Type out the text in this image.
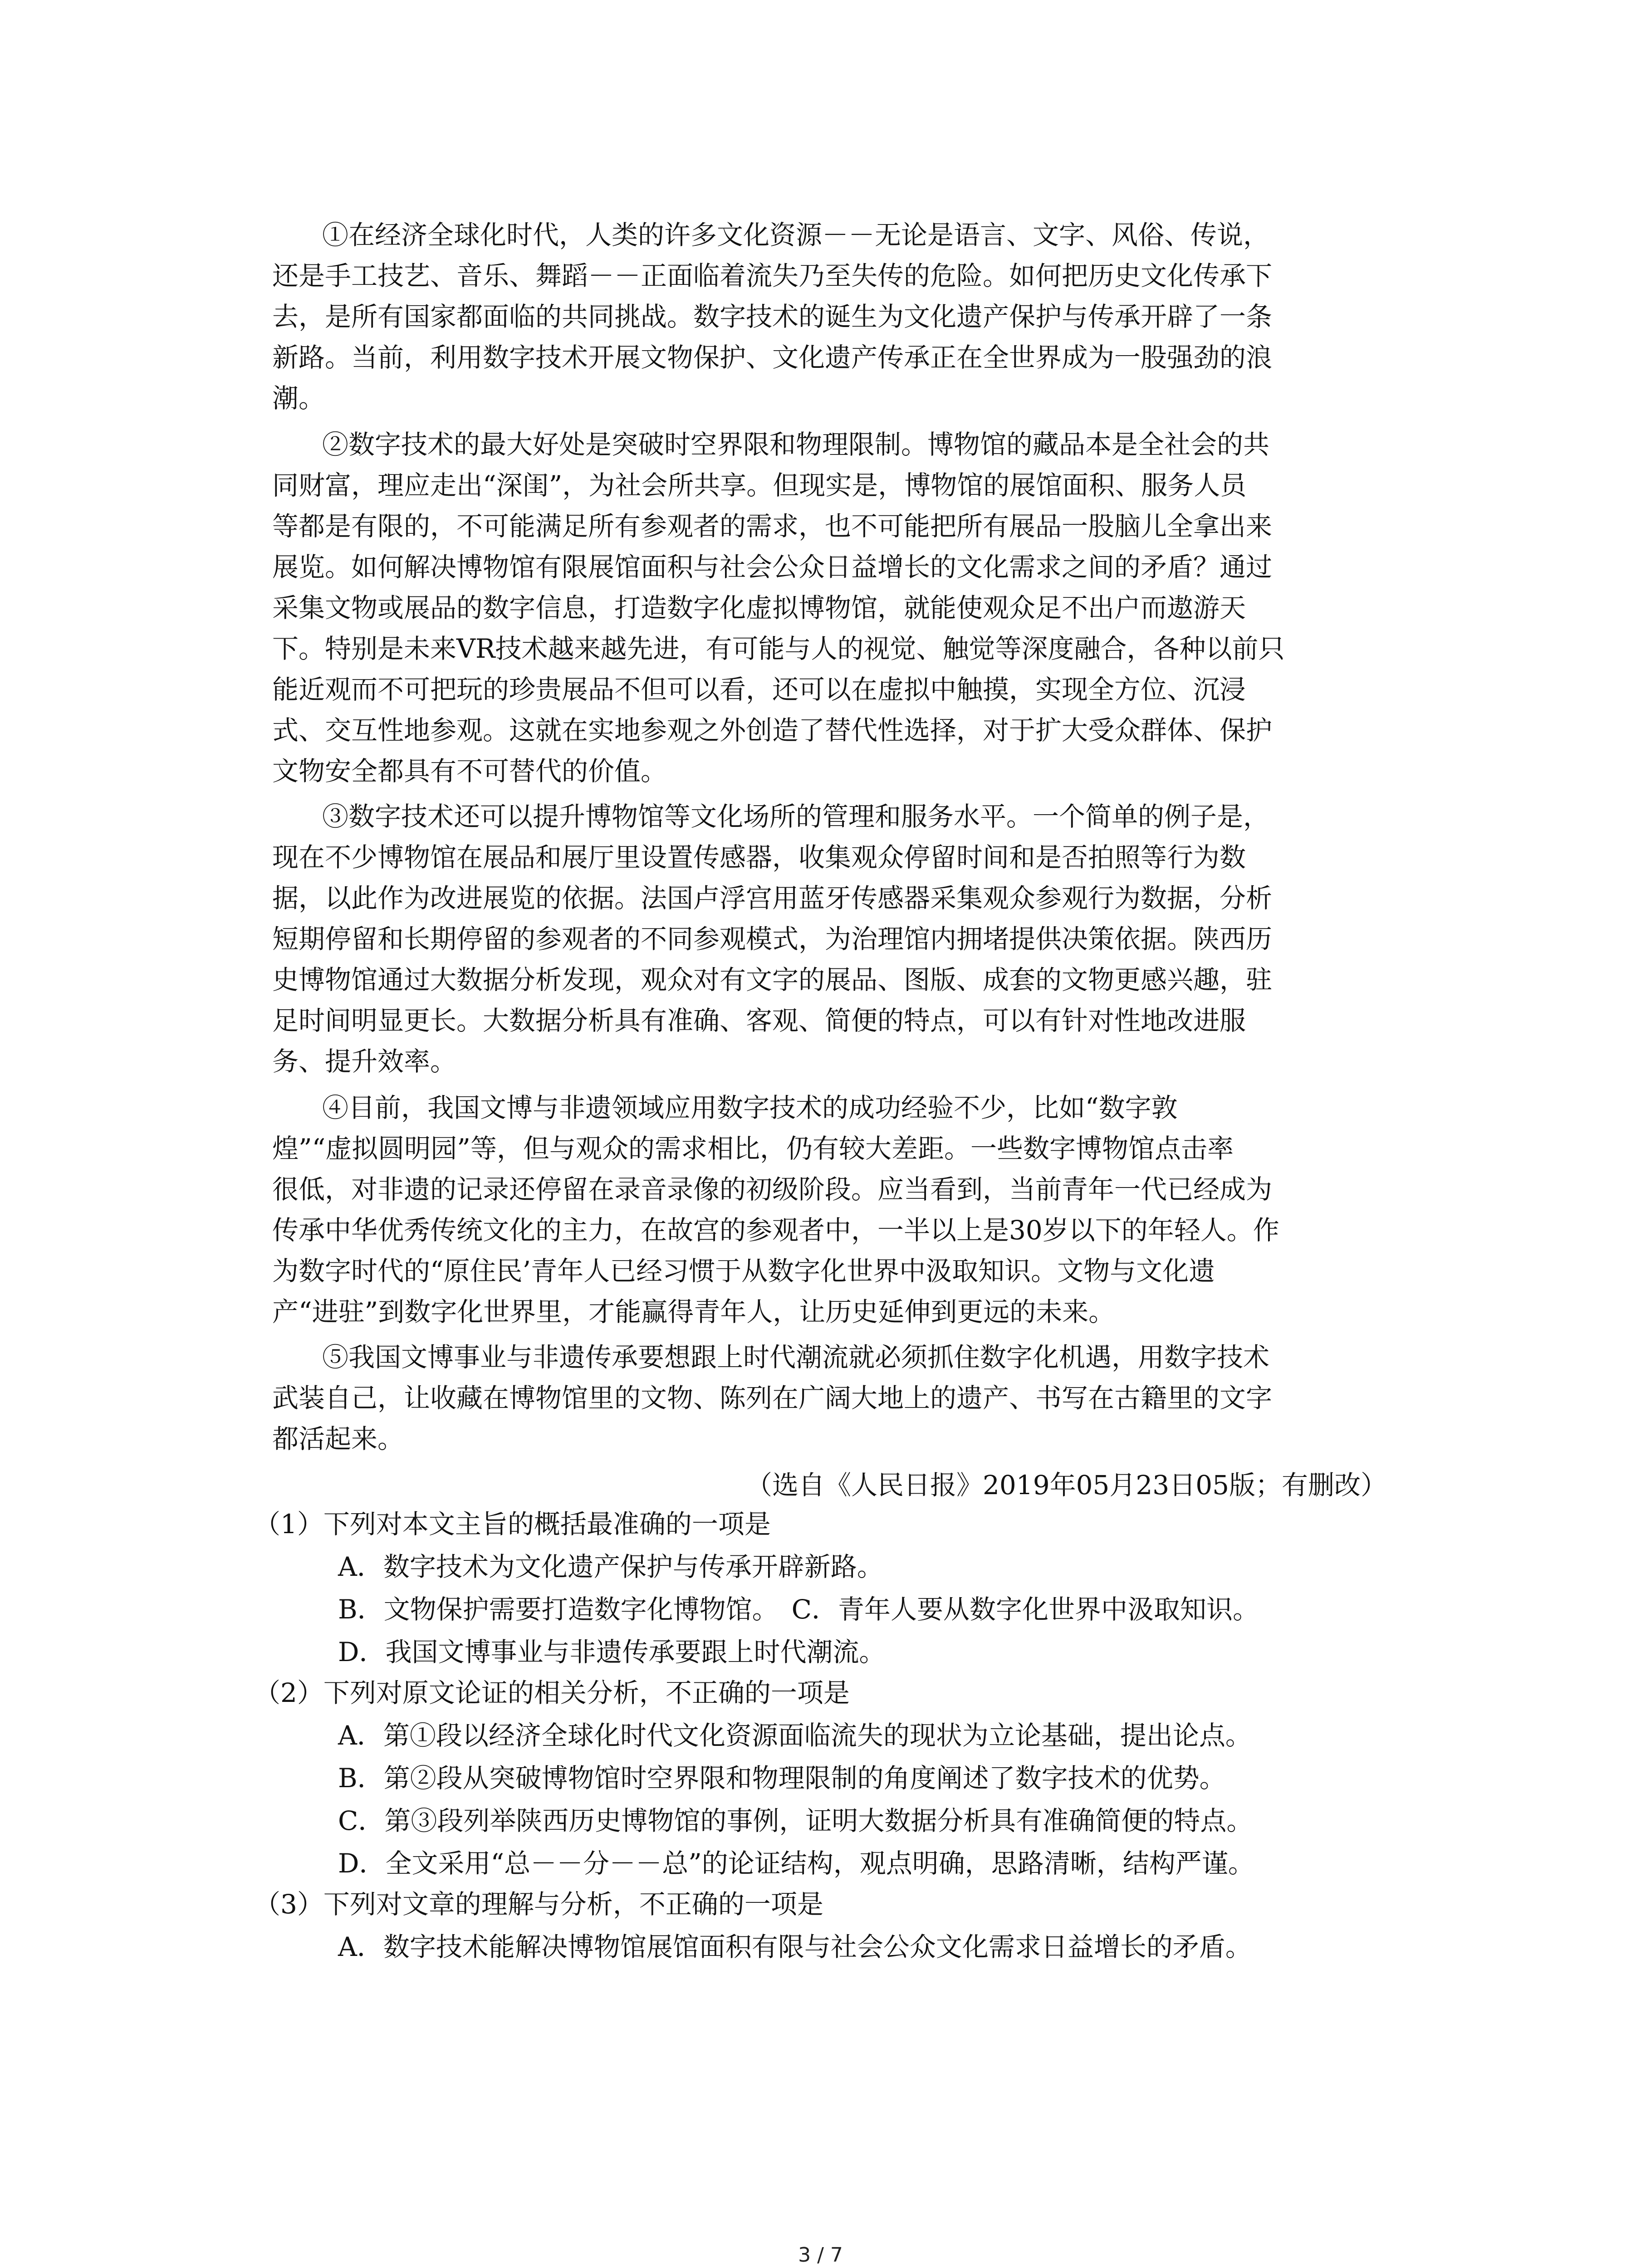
①在经济全球化时代，人类的许多文化资源－－无论是语言、文字、风俗、传说，
还是手工技艺、音乐、舞蹈－－正面临着流失乃至失传的危险。如何把历史文化传承下
去，是所有国家都面临的共同挑战。数字技术的诞生为文化遗产保护与传承开辟了一条
新路。当前，利用数字技术开展文物保护、文化遗产传承正在全世界成为一股强劲的浪
潮。
②数字技术的最大好处是突破时空界限和物理限制。博物馆的藏品本是全社会的共
同财富，理应走出“深闺”，为社会所共享。但现实是，博物馆的展馆面积、服务人员
等都是有限的，不可能满足所有参观者的需求，也不可能把所有展品一股脑儿全拿出来
展览。如何解决博物馆有限展馆面积与社会公众日益增长的文化需求之间的矛盾？通过
采集文物或展品的数字信息，打造数字化虚拟博物馆，就能使观众足不出户而遨游天
下。特别是未来VR技术越来越先进，有可能与人的视觉、触觉等深度融合，各种以前只
能近观而不可把玩的珍贵展品不但可以看，还可以在虚拟中触摸，实现全方位、沉浸
式、交互性地参观。这就在实地参观之外创造了替代性选择，对于扩大受众群体、保护
文物安全都具有不可替代的价值。
③数字技术还可以提升博物馆等文化场所的管理和服务水平。一个简单的例子是，
现在不少博物馆在展品和展厅里设置传感器，收集观众停留时间和是否拍照等行为数
据，以此作为改进展览的依据。法国卢浮宫用蓝牙传感器采集观众参观行为数据，分析
短期停留和长期停留的参观者的不同参观模式，为治理馆内拥堵提供决策依据。陕西历
史博物馆通过大数据分析发现，观众对有文字的展品、图版、成套的文物更感兴趣，驻
足时间明显更长。大数据分析具有准确、客观、简便的特点，可以有针对性地改进服
务、提升效率。
④目前，我国文博与非遗领域应用数字技术的成功经验不少，比如“数字敦
煌”“虚拟圆明园”等，但与观众的需求相比，仍有较大差距。一些数字博物馆点击率
很低，对非遗的记录还停留在录音录像的初级阶段。应当看到，当前青年一代已经成为
传承中华优秀传统文化的主力，在故宫的参观者中，一半以上是30岁以下的年轻人。作
为数字时代的“原住民’青年人已经习惯于从数字化世界中汲取知识。文物与文化遗
产“进驻”到数字化世界里，才能赢得青年人，让历史延伸到更远的未来。
⑤我国文博事业与非遗传承要想跟上时代潮流就必须抓住数字化机遇，用数字技术
武装自己，让收藏在博物馆里的文物、陈列在广阔大地上的遗产、书写在古籍里的文字
都活起来。
（选自《人民日报》2019年05月23日05版；有删改）
（1）下列对本文主旨的概括最准确的一项是
A．数字技术为文化遗产保护与传承开辟新路。
B．文物保护需要打造数字化博物馆。　C．青年人要从数字化世界中汲取知识。
D．我国文博事业与非遗传承要跟上时代潮流。
（2）下列对原文论证的相关分析，不正确的一项是
A．第①段以经济全球化时代文化资源面临流失的现状为立论基础，提出论点。
B．第②段从突破博物馆时空界限和物理限制的角度阐述了数字技术的优势。
C．第③段列举陕西历史博物馆的事例，证明大数据分析具有准确简便的特点。
D．全文采用“总－－分－－总”的论证结构，观点明确，思路清晰，结构严谨。
（3）下列对文章的理解与分析，不正确的一项是
A．数字技术能解决博物馆展馆面积有限与社会公众文化需求日益增长的矛盾。
3 / 7
